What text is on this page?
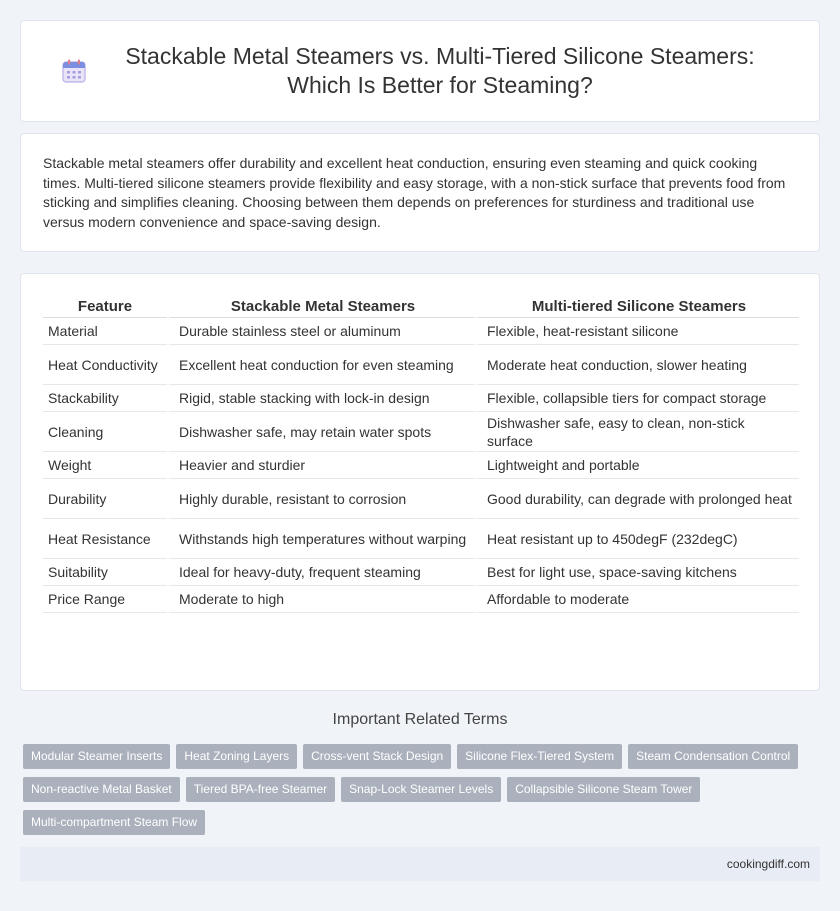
Stackable Metal Steamers vs. Multi-Tiered Silicone Steamers: Which Is Better for Steaming?

Stackable metal steamers offer durability and excellent heat conduction, ensuring even steaming and quick cooking times. Multi-tiered silicone steamers provide flexibility and easy storage, with a non-stick surface that prevents food from sticking and simplifies cleaning. Choosing between them depends on preferences for sturdiness and traditional use versus modern convenience and space-saving design.

Feature	Stackable Metal Steamers	Multi-tiered Silicone Steamers
Material	Durable stainless steel or aluminum	Flexible, heat-resistant silicone
Heat Conductivity	Excellent heat conduction for even steaming	Moderate heat conduction, slower heating
Stackability	Rigid, stable stacking with lock-in design	Flexible, collapsible tiers for compact storage
Cleaning	Dishwasher safe, may retain water spots	Dishwasher safe, easy to clean, non-stick surface
Weight	Heavier and sturdier	Lightweight and portable
Durability	Highly durable, resistant to corrosion	Good durability, can degrade with prolonged heat
Heat Resistance	Withstands high temperatures without warping	Heat resistant up to 450degF (232degC)
Suitability	Ideal for heavy-duty, frequent steaming	Best for light use, space-saving kitchens
Price Range	Moderate to high	Affordable to moderate
Important Related Terms
Modular Steamer Inserts	Heat Zoning Layers	Cross-vent Stack Design	Silicone Flex-Tiered System	Steam Condensation Control
Non-reactive Metal Basket	Tiered BPA-free Steamer	Snap-Lock Steamer Levels	Collapsible Silicone Steam Tower
Multi-compartment Steam Flow
cookingdiff.com
